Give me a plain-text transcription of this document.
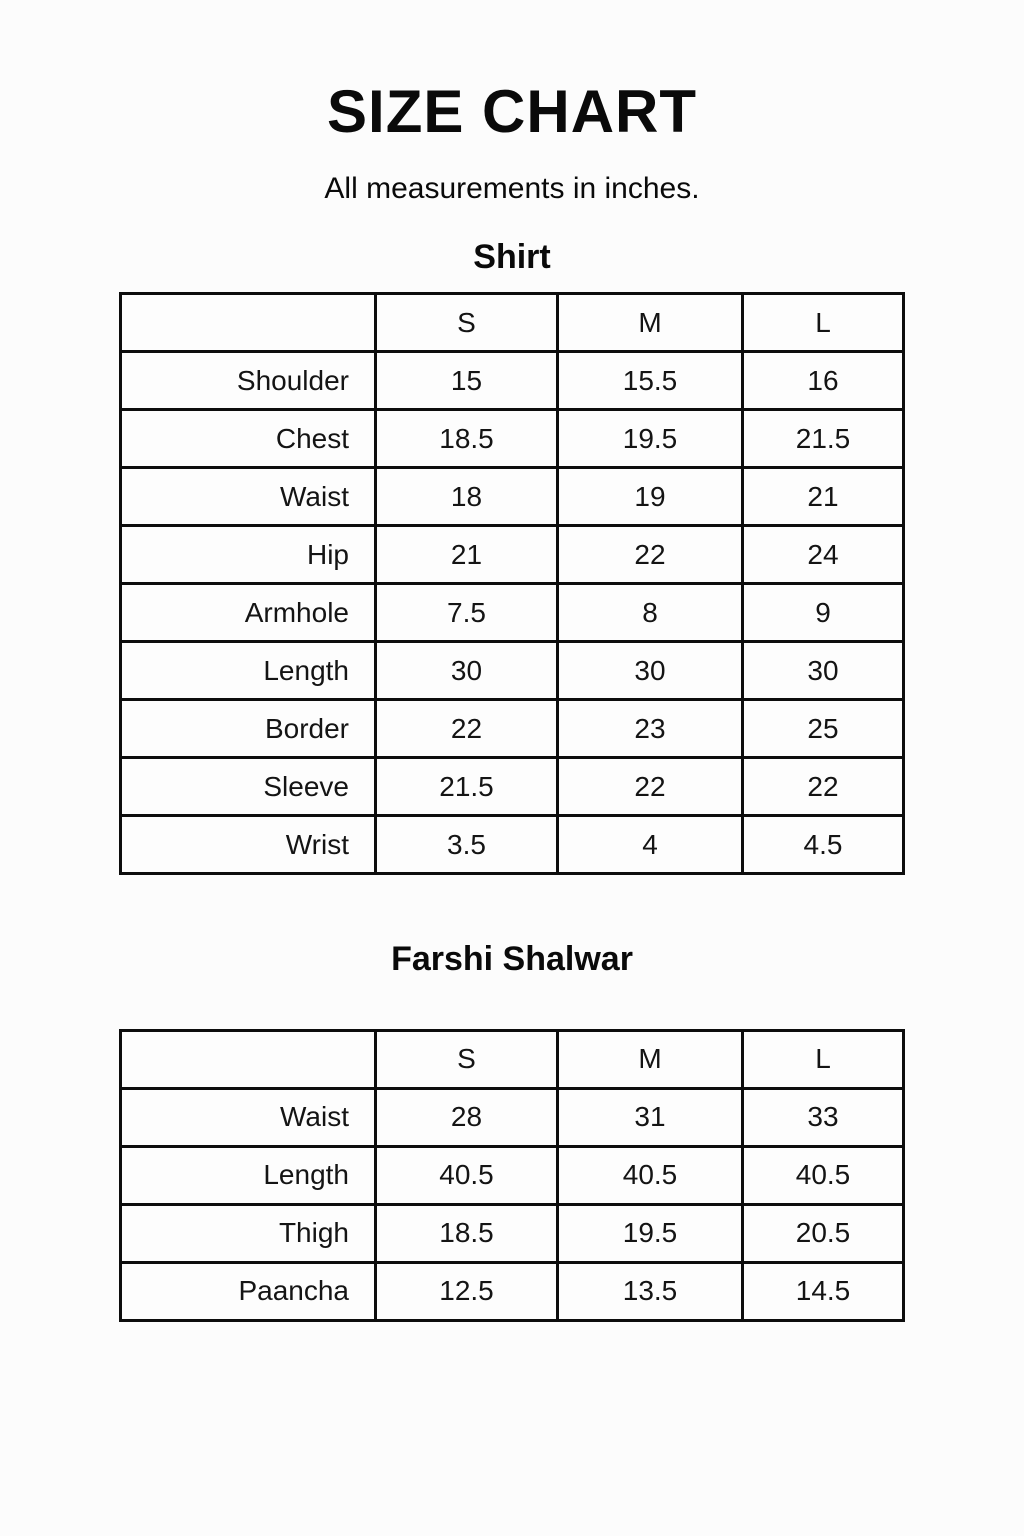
SIZE CHART

All measurements in inches.

Shirt
	S	M	L
Shoulder	15	15.5	16
Chest	18.5	19.5	21.5
Waist	18	19	21
Hip	21	22	24
Armhole	7.5	8	9
Length	30	30	30
Border	22	23	25
Sleeve	21.5	22	22
Wrist	3.5	4	4.5
Farshi Shalwar
	S	M	L
Waist	28	31	33
Length	40.5	40.5	40.5
Thigh	18.5	19.5	20.5
Paancha	12.5	13.5	14.5
